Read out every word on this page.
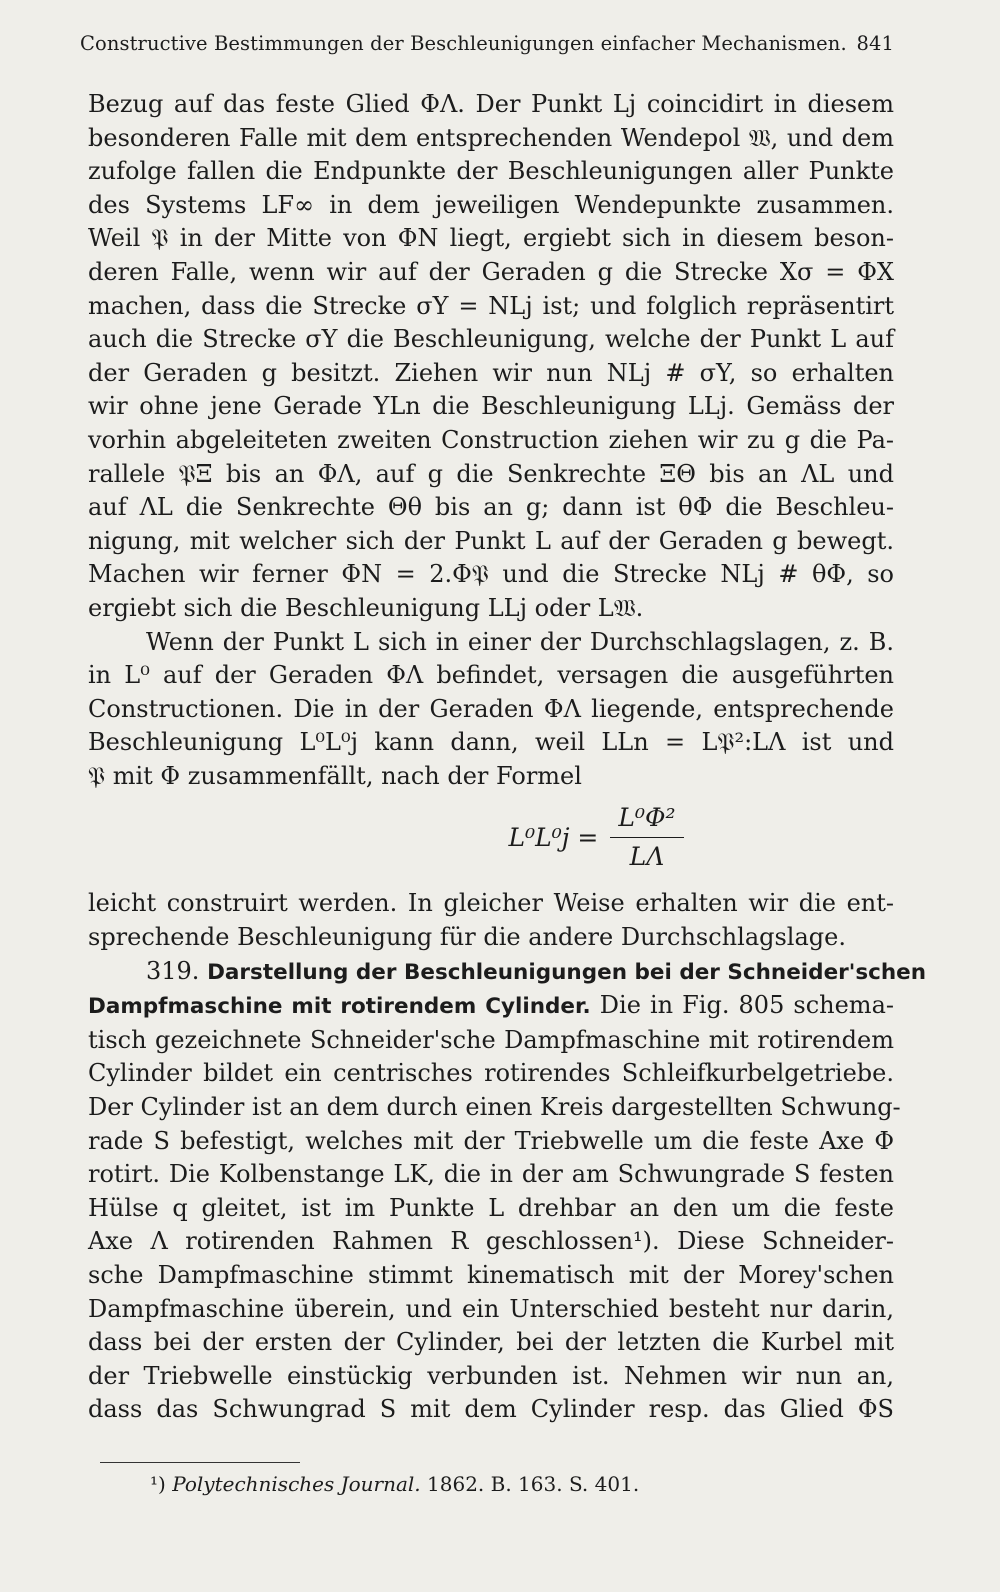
Constructive Bestimmungen der Beschleunigungen einfacher Mechanismen. 841
Bezug auf das feste Glied ΦΛ. Der Punkt Lj coincidirt in diesem
besonderen Falle mit dem entsprechenden Wendepol 𝔚, und dem
zufolge fallen die Endpunkte der Beschleunigungen aller Punkte
des Systems LF∞ in dem jeweiligen Wendepunkte zusammen.
Weil 𝔓 in der Mitte von ΦN liegt, ergiebt sich in diesem beson-
deren Falle, wenn wir auf der Geraden g die Strecke Xσ = ΦX
machen, dass die Strecke σY = NLj ist; und folglich repräsentirt
auch die Strecke σY die Beschleunigung, welche der Punkt L auf
der Geraden g besitzt. Ziehen wir nun NLj # σY, so erhalten
wir ohne jene Gerade YLn die Beschleunigung LLj. Gemäss der
vorhin abgeleiteten zweiten Construction ziehen wir zu g die Pa-
rallele 𝔓Ξ bis an ΦΛ, auf g die Senkrechte ΞΘ bis an ΛL und
auf ΛL die Senkrechte Θθ bis an g; dann ist θΦ die Beschleu-
nigung, mit welcher sich der Punkt L auf der Geraden g bewegt.
Machen wir ferner ΦN = 2.Φ𝔓 und die Strecke NLj # θΦ, so
ergiebt sich die Beschleunigung LLj oder L𝔚.
Wenn der Punkt L sich in einer der Durchschlagslagen, z. B.
in L⁰ auf der Geraden ΦΛ befindet, versagen die ausgeführten
Constructionen. Die in der Geraden ΦΛ liegende, entsprechende
Beschleunigung L⁰L⁰j kann dann, weil LLn = L𝔓²:LΛ ist und
𝔓 mit Φ zusammenfällt, nach der Formel
$L^0L^0j = \frac{\text{L⁰Φ²}}{L\Lambda}$
leicht construirt werden. In gleicher Weise erhalten wir die ent-
sprechende Beschleunigung für die andere Durchschlagslage.
319. Darstellung der Beschleunigungen bei der Schneider'schen
Dampfmaschine mit rotirendem Cylinder. Die in Fig. 805 schema-
tisch gezeichnete Schneider'sche Dampfmaschine mit rotirendem
Cylinder bildet ein centrisches rotirendes Schleifkurbelgetriebe.
Der Cylinder ist an dem durch einen Kreis dargestellten Schwung-
rade S befestigt, welches mit der Triebwelle um die feste Axe Φ
rotirt. Die Kolbenstange LK, die in der am Schwungrade S festen
Hülse q gleitet, ist im Punkte L drehbar an den um die feste
Axe Λ rotirenden Rahmen R geschlossen¹). Diese Schneider-
sche Dampfmaschine stimmt kinematisch mit der Morey'schen
Dampfmaschine überein, und ein Unterschied besteht nur darin,
dass bei der ersten der Cylinder, bei der letzten die Kurbel mit
der Triebwelle einstückig verbunden ist. Nehmen wir nun an,
dass das Schwungrad S mit dem Cylinder resp. das Glied ΦS
¹) Polytechnisches Journal. 1862. B. 163. S. 401.
